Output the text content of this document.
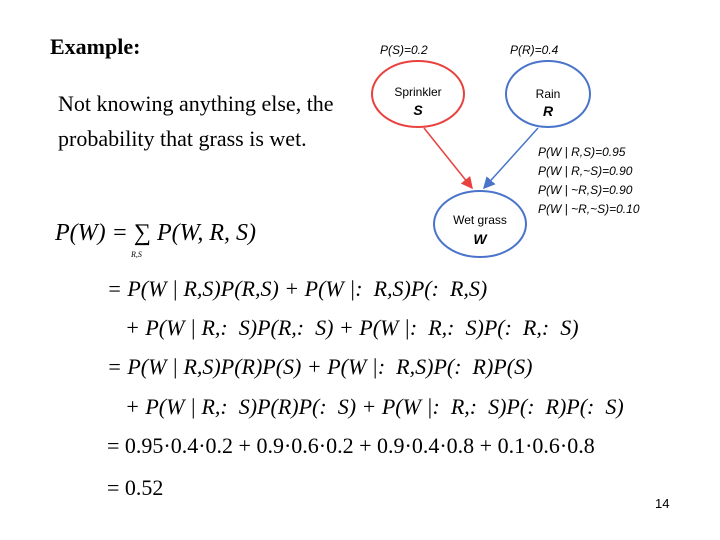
Example:
Not knowing anything else, the probability that grass is wet.
P(S)=0.2	P(R)=0.4
Sprinkler
S
Rain
R
Wet grass
W
P(W | R,S)=0.95
P(W | R,~S)=0.90
P(W | ~R,S)=0.90
P(W | ~R,~S)=0.10
P(W) = ∑ P(W, R, S)
R,S
= P(W | R,S)P(R,S) + P(W |:  R,S)P(:  R,S)
+ P(W | R,:  S)P(R,:  S) + P(W |:  R,:  S)P(:  R,:  S)
= P(W | R,S)P(R)P(S) + P(W |:  R,S)P(:  R)P(S)
+ P(W | R,:  S)P(R)P(:  S) + P(W |:  R,:  S)P(:  R)P(:  S)
= 0.95·0.4·0.2 + 0.9·0.6·0.2 + 0.9·0.4·0.8 + 0.1·0.6·0.8
= 0.52
14
